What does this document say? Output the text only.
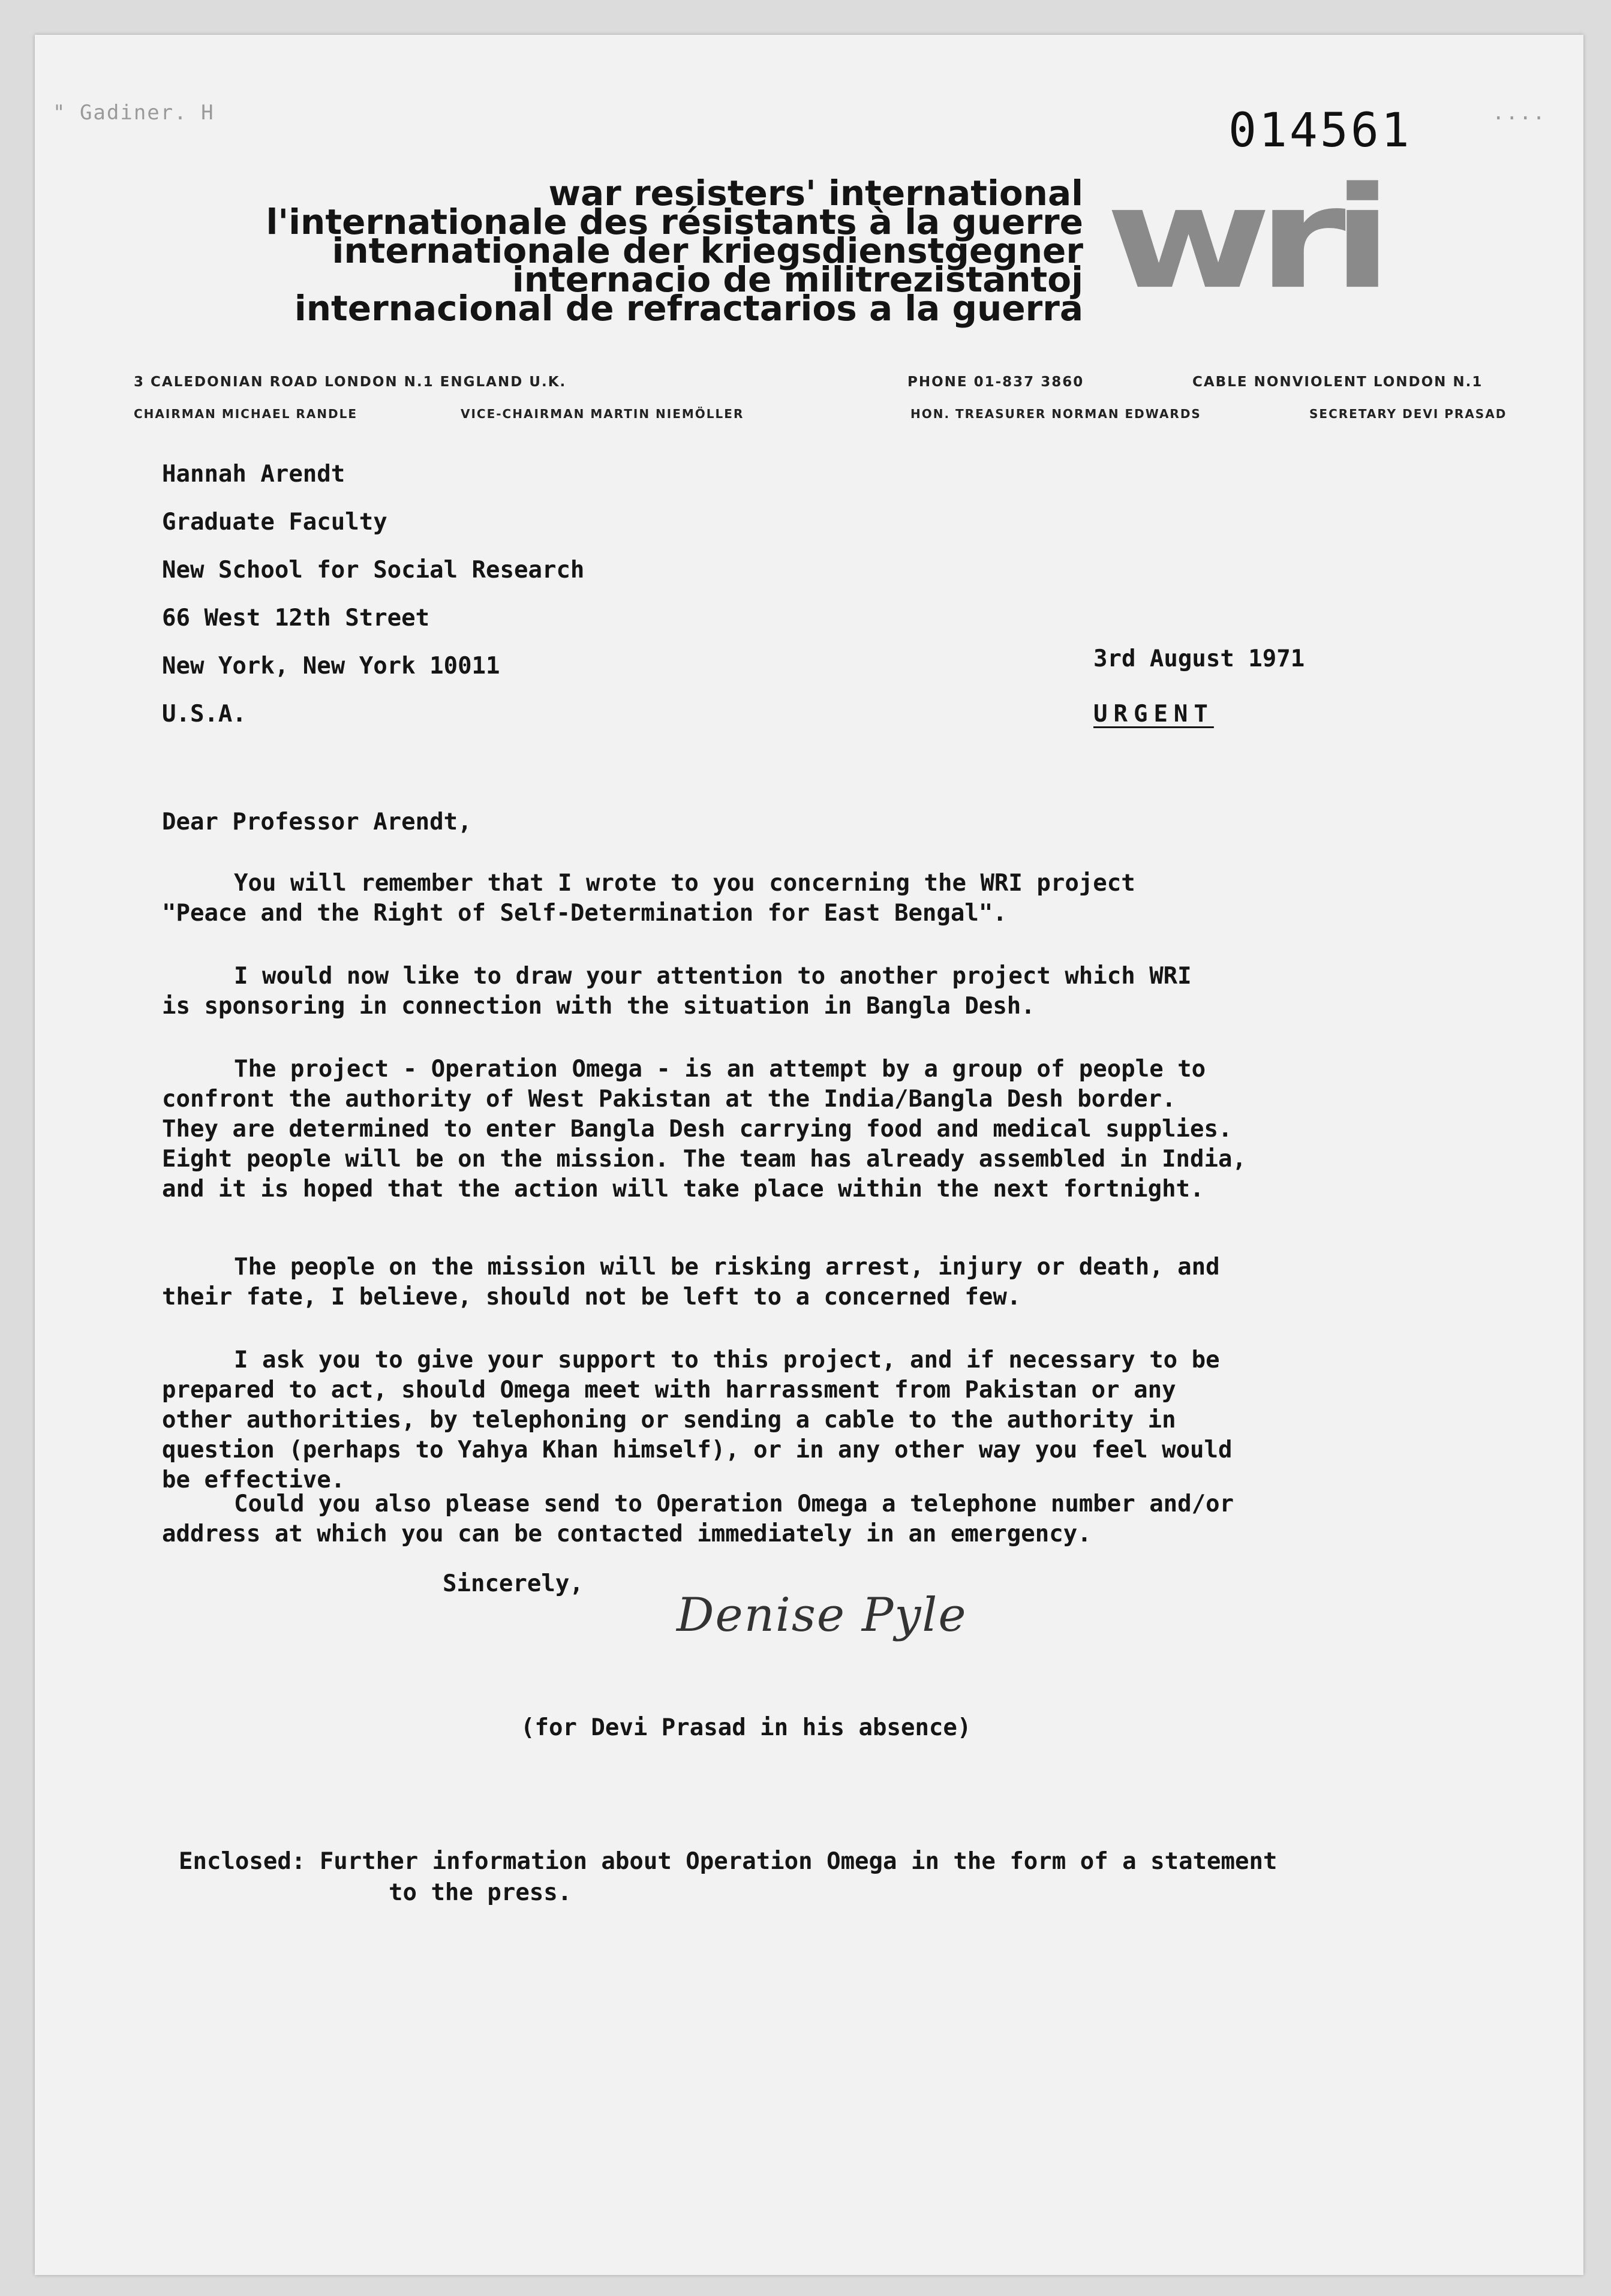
" Gadiner. H	....
014561
war resisters' international
l'internationale des résistants à la guerre
internationale der kriegsdienstgegner
internacio de militrezistantoj
internacional de refractarios a la guerra wri
3 CALEDONIAN ROAD LONDON N.1 ENGLAND U.K.	PHONE 01-837 3860	CABLE NONVIOLENT LONDON N.1
CHAIRMAN MICHAEL RANDLE	VICE-CHAIRMAN MARTIN NIEMÖLLER	HON. TREASURER NORMAN EDWARDS	SECRETARY DEVI PRASAD
Hannah Arendt
Graduate Faculty
New School for Social Research
66 West 12th Street
New York, New York 10011
U.S.A.
3rd August 1971
URGENT
Dear Professor Arendt,
You will remember that I wrote to you concerning the WRI project
"Peace and the Right of Self-Determination for East Bengal".
I would now like to draw your attention to another project which WRI
is sponsoring in connection with the situation in Bangla Desh.
The project - Operation Omega - is an attempt by a group of people to
confront the authority of West Pakistan at the India/Bangla Desh border.
They are determined to enter Bangla Desh carrying food and medical supplies.
Eight people will be on the mission. The team has already assembled in India,
and it is hoped that the action will take place within the next fortnight.
The people on the mission will be risking arrest, injury or death, and
their fate, I believe, should not be left to a concerned few.
I ask you to give your support to this project, and if necessary to be
prepared to act, should Omega meet with harrassment from Pakistan or any
other authorities, by telephoning or sending a cable to the authority in
question (perhaps to Yahya Khan himself), or in any other way you feel would
be effective.
Could you also please send to Operation Omega a telephone number and/or
address at which you can be contacted immediately in an emergency.
Sincerely,
Denise Pyle
(for Devi Prasad in his absence)
Enclosed: Further information about Operation Omega in the form of a statement
to the press.
